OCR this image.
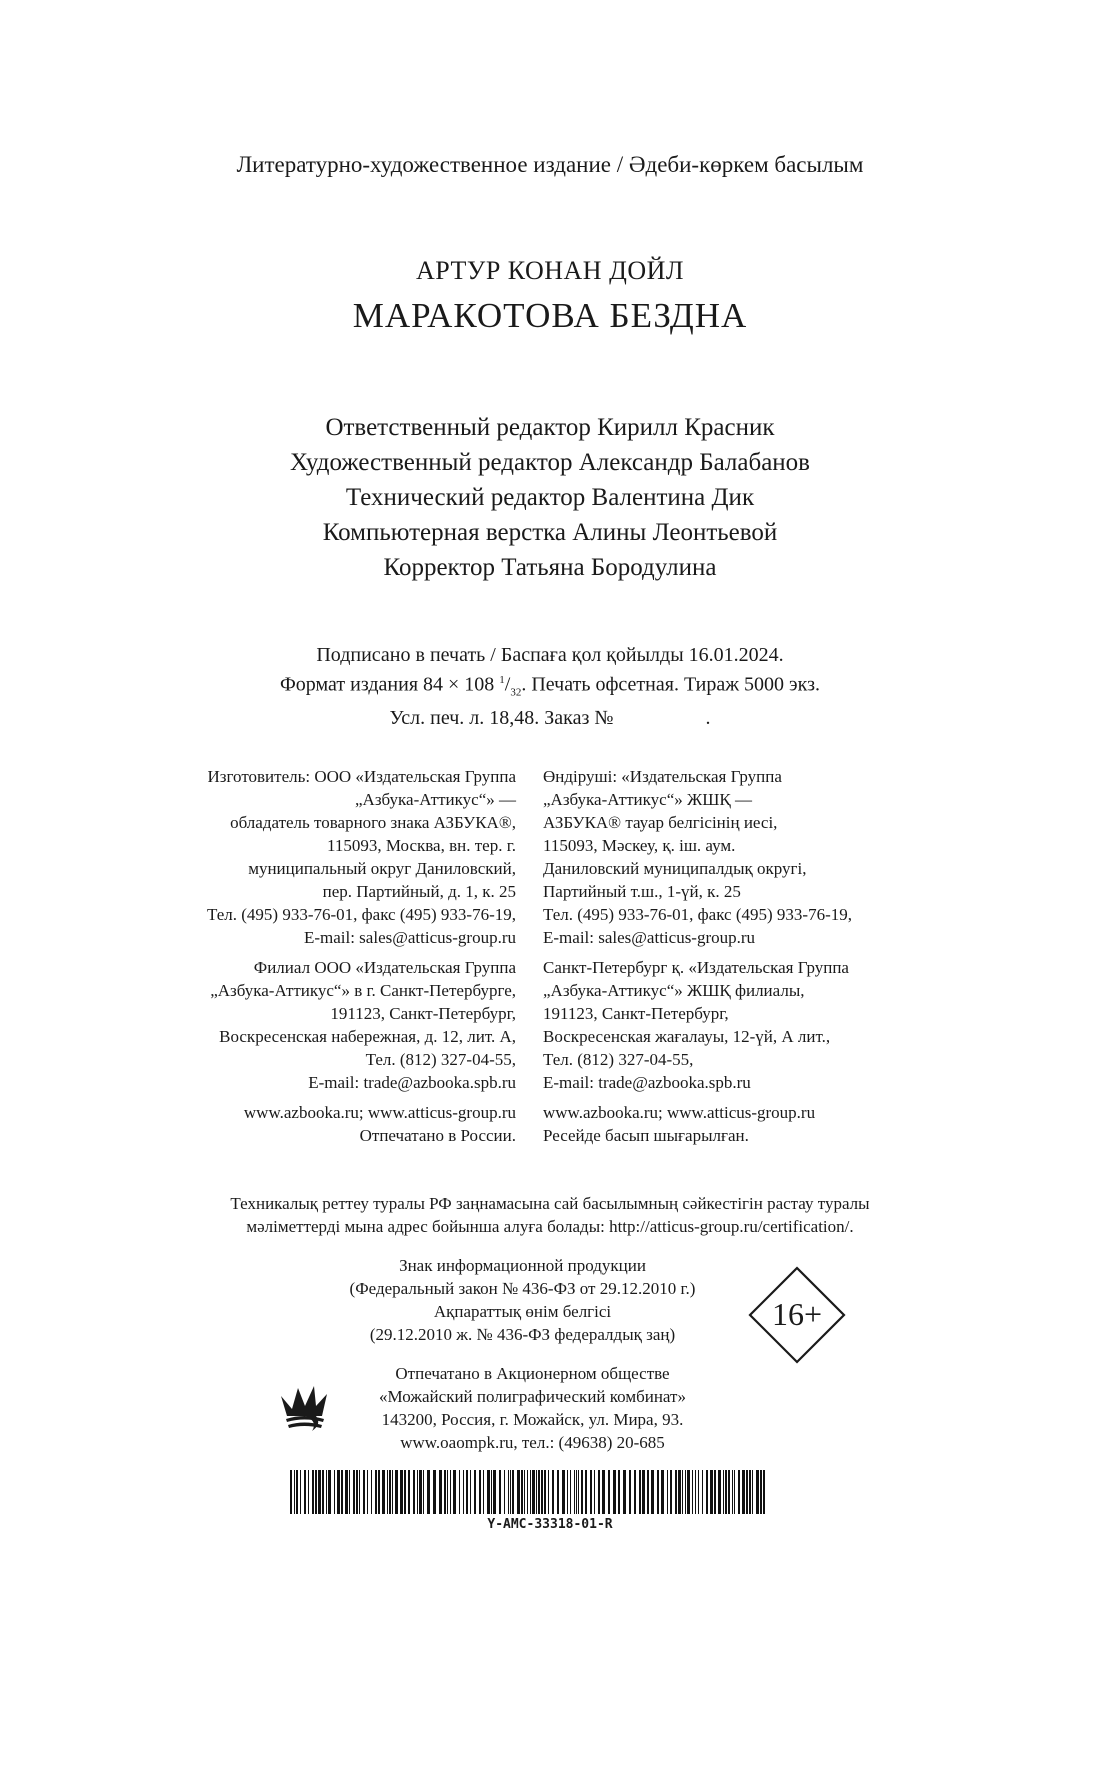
Литературно-художественное издание / Әдеби-көркем басылым
АРТУР КОНАН ДОЙЛ
МАРАКОТОВА БЕЗДНА
Ответственный редактор Кирилл Красник
Художественный редактор Александр Балабанов
Технический редактор Валентина Дик
Компьютерная верстка Алины Леонтьевой
Корректор Татьяна Бородулина
Подписано в печать / Баспаға қол қойылды 16.01.2024.
Формат издания 84 × 108 $^1/_{32}$. Печать офсетная. Тираж 5000 экз.
Усл. печ. л. 18,48. Заказ №	.
Изготовитель: ООО «Издательская Группа
„Азбука-Аттикус“» —
обладатель товарного знака АЗБУКА®,
115093, Москва, вн. тер. г.
муниципальный округ Даниловский,
пер. Партийный, д. 1, к. 25
Тел. (495) 933-76-01, факс (495) 933-76-19,
E-mail: sales@atticus-group.ru
Филиал ООО «Издательская Группа
„Азбука-Аттикус“» в г. Санкт-Петербурге,
191123, Санкт-Петербург,
Воскресенская набережная, д. 12, лит. А,
Тел. (812) 327-04-55,
E-mail: trade@azbooka.spb.ru
www.azbooka.ru; www.atticus-group.ru
Отпечатано в России.
Өндіруші: «Издательская Группа
„Азбука-Аттикус“» ЖШҚ —
АЗБУКА® тауар белгісінің иесі,
115093, Мәскеу, қ. іш. аум.
Даниловский муниципалдық округі,
Партийный т.ш., 1-үй, к. 25
Тел. (495) 933-76-01, факс (495) 933-76-19,
E-mail: sales@atticus-group.ru
Санкт-Петербург қ. «Издательская Группа
„Азбука-Аттикус“» ЖШҚ филиалы,
191123, Санкт-Петербург,
Воскресенская жағалауы, 12-үй, А лит.,
Тел. (812) 327-04-55,
E-mail: trade@azbooka.spb.ru
www.azbooka.ru; www.atticus-group.ru
Ресейде басып шығарылған.
Техникалық реттеу туралы РФ заңнамасына сай басылымның сәйкестігін растау туралы
мәліметтерді мына адрес бойынша алуға болады: http://atticus-group.ru/certification/.
Знак информационной продукции
(Федеральный закон № 436-ФЗ от 29.12.2010 г.)
Ақпараттық өнім белгісі
(29.12.2010 ж. № 436-ФЗ федералдық заң)
16+
Отпечатано в Акционерном обществе
«Можайский полиграфический комбинат»
143200, Россия, г. Можайск, ул. Мира, 93.
www.oaompk.ru, тел.: (49638) 20-685
Y-AMC-33318-01-R
